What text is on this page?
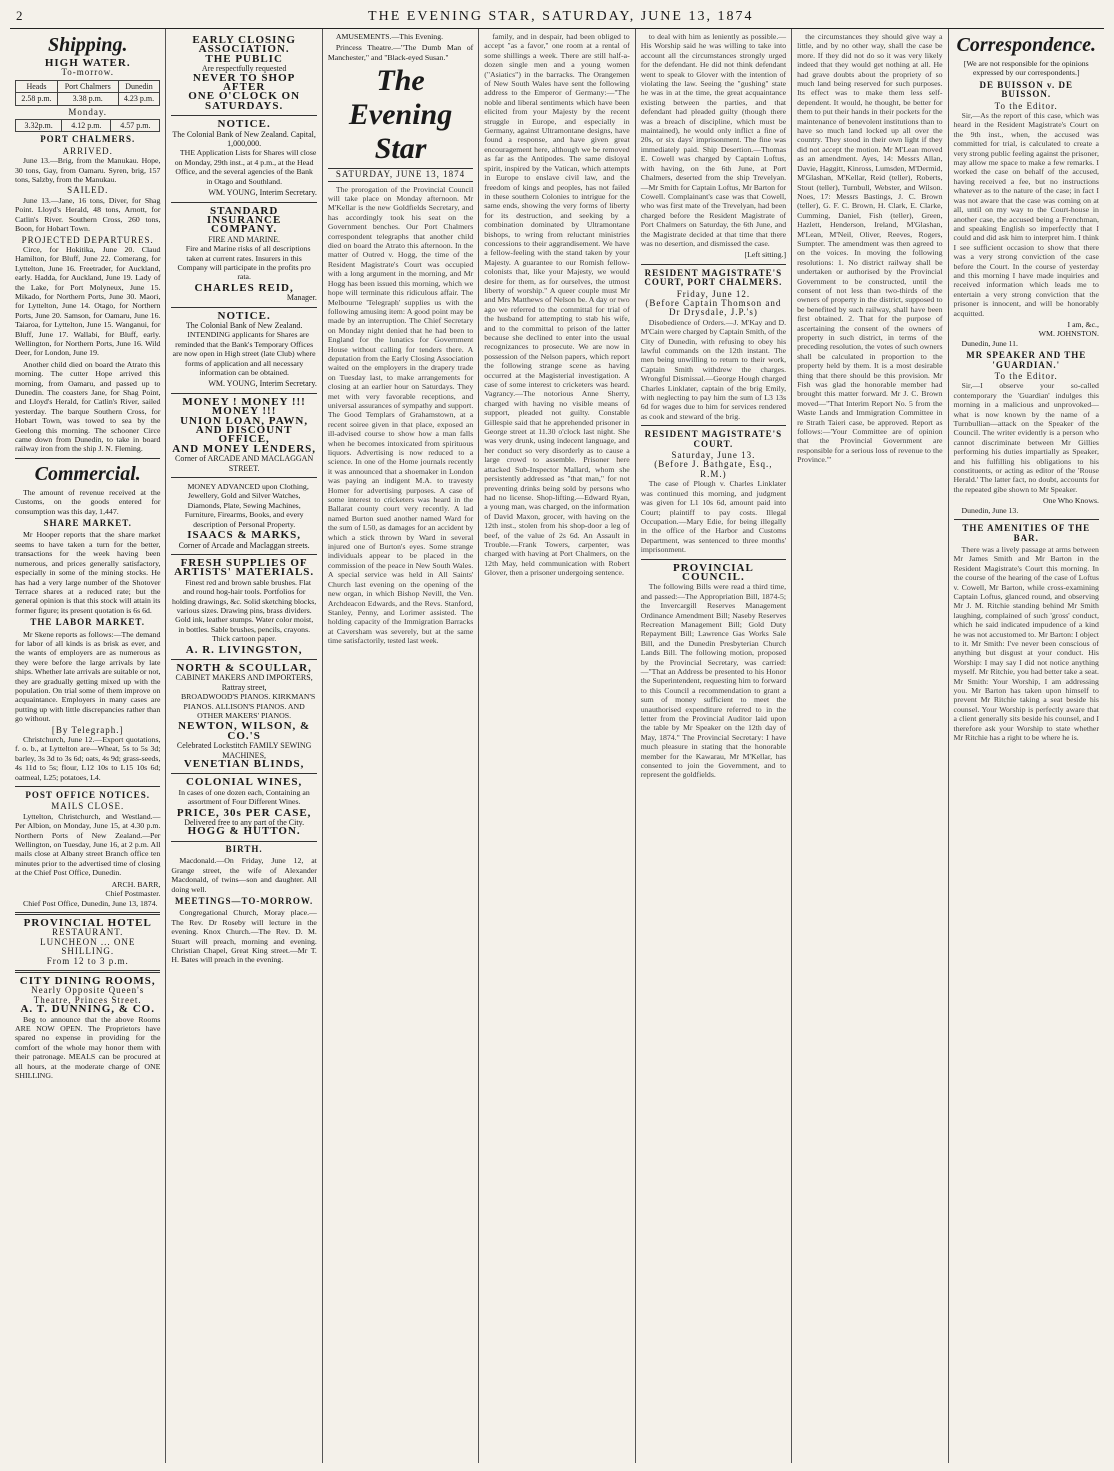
2	THE EVENING STAR, SATURDAY, JUNE 13, 1874
Shipping.
HIGH WATER.
To-morrow.
Heads	Port Chalmers	Dunedin
2.58 p.m.	3.38 p.m.	4.23 p.m.
Monday.
3.32p.m.	4.12 p.m.	4.57 p.m.
PORT CHALMERS.
ARRIVED.

June 13.—Brig, from the Manukau. Hope, 30 tons, Gay, from Oamaru. Syren, brig, 157 tons, Salzby, from the Manukau.

SAILED.

June 13.—Jane, 16 tons, Diver, for Shag Point. Lloyd's Herald, 48 tons, Arnott, for Catlin's River. Southern Cross, 260 tons, Boon, for Hobart Town.

PROJECTED DEPARTURES.

Circe, for Hokitika, June 20. Claud Hamilton, for Bluff, June 22. Comerang, for Lyttelton, June 16. Freetrader, for Auckland, early. Hadda, for Auckland, June 19. Lady of the Lake, for Port Molyneux, June 15. Mikado, for Northern Ports, June 30. Maori, for Lyttelton, June 14. Otago, for Northern Ports, June 20. Samson, for Oamaru, June 16. Taiaroa, for Lyttelton, June 15. Wanganui, for Bluff, June 17. Wallabi, for Bluff, early. Wellington, for Northern Ports, June 16. Wild Deer, for London, June 19.

Another child died on board the Atrato this morning. The cutter Hope arrived this morning, from Oamaru, and passed up to Dunedin. The coasters Jane, for Shag Point, and Lloyd's Herald, for Catlin's River, sailed yesterday. The barque Southern Cross, for Hobart Town, was towed to sea by the Geelong this morning. The schooner Circe came down from Dunedin, to take in board railway iron from the ship J. N. Fleming.

Commercial.

The amount of revenue received at the Customs, on the goods entered for consumption was this day, 1,447.

SHARE MARKET.

Mr Hooper reports that the share market seems to have taken a turn for the better, transactions for the week having been numerous, and prices generally satisfactory, especially in some of the mining stocks. He has had a very large number of the Shotover Terrace shares at a reduced rate; but the general opinion is that this stock will attain its former figure; its present quotation is 6s 6d.

THE LABOR MARKET.

Mr Skene reports as follows:—The demand for labor of all kinds is as brisk as ever, and the wants of employers are as numerous as they were before the large arrivals by late ships. Whether late arrivals are suitable or not, they are gradually getting mixed up with the population. On trial some of them improve on acquaintance. Employers in many cases are putting up with little discrepancies rather than go without.

[By Telegraph.]

Christchurch, June 12.—Export quotations, f. o. b., at Lyttelton are—Wheat, 5s to 5s 3d; barley, 3s 3d to 3s 6d; oats, 4s 9d; grass-seeds, 4s 11d to 5s; flour, L12 10s to L15 10s 6d; oatmeal, L25; potatoes, L4.

POST OFFICE NOTICES.
MAILS CLOSE.

Lyttelton, Christchurch, and Westland.—Per Albion, on Monday, June 15, at 4.30 p.m. Northern Ports of New Zealand.—Per Wellington, on Tuesday, June 16, at 2 p.m. All mails close at Albany street Branch office ten minutes prior to the advertised time of closing at the Chief Post Office, Dunedin.

ARCH. BARR,
Chief Postmaster.

Chief Post Office, Dunedin, June 13, 1874.

PROVINCIAL HOTEL
RESTAURANT.
LUNCHEON ... ONE SHILLING.
From 12 to 3 p.m.
CITY DINING ROOMS,
Nearly Opposite Queen's Theatre, Princes Street.
A. T. DUNNING, & CO.

Beg to announce that the above Rooms ARE NOW OPEN. The Proprietors have spared no expense in providing for the comfort of the whole may honor them with their patronage. MEALS can be procured at all hours, at the moderate charge of ONE SHILLING.

EARLY CLOSING ASSOCIATION.
THE PUBLIC
Are respectfully requested
NEVER TO SHOP AFTER
ONE O'CLOCK ON SATURDAYS.
NOTICE.
The Colonial Bank of New Zealand. Capital, 1,000,000.

THE Application Lists for Shares will close on Monday, 29th inst., at 4 p.m., at the Head Office, and the several agencies of the Bank in Otago and Southland.

WM. YOUNG, Interim Secretary.
STANDARD INSURANCE
COMPANY.
FIRE AND MARINE.

Fire and Marine risks of all descriptions taken at current rates. Insurers in this Company will participate in the profits pro rata.

CHARLES REID,
Manager.
NOTICE.
The Colonial Bank of New Zealand.

INTENDING applicants for Shares are reminded that the Bank's Temporary Offices are now open in High street (late Club) where forms of application and all necessary information can be obtained.

WM. YOUNG, Interim Secretary.
MONEY ! MONEY !!! MONEY !!!
UNION LOAN, PAWN, AND DISCOUNT OFFICE,
AND MONEY LENDERS,
Corner of ARCADE AND MACLAGGAN STREET.

MONEY ADVANCED upon Clothing, Jewellery, Gold and Silver Watches, Diamonds, Plate, Sewing Machines, Furniture, Firearms, Books, and every description of Personal Property.

ISAACS & MARKS,
Corner of Arcade and Maclaggan streets.
FRESH SUPPLIES OF ARTISTS' MATERIALS.

Finest red and brown sable brushes. Flat and round hog-hair tools. Portfolios for holding drawings, &c. Solid sketching blocks, various sizes. Drawing pins, brass dividers. Gold ink, leather stumps. Water color moist, in bottles. Sable brushes, pencils, crayons. Thick cartoon paper.

A. R. LIVINGSTON,
NORTH & SCOULLAR,
CABINET MAKERS AND IMPORTERS,
Rattray street,

BROADWOOD'S PIANOS. KIRKMAN'S PIANOS. ALLISON'S PIANOS. AND OTHER MAKERS' PIANOS.

NEWTON, WILSON, & CO.'S
Celebrated Lockstitch FAMILY SEWING MACHINES,
VENETIAN BLINDS,
COLONIAL WINES,

In cases of one dozen each, Containing an assortment of Four Different Wines.

PRICE, 30s PER CASE,
Delivered free to any part of the City.
HOGG & HUTTON.
BIRTH.

Macdonald.—On Friday, June 12, at Grange street, the wife of Alexander Macdonald, of twins—son and daughter. All doing well.

MEETINGS—TO-MORROW.

Congregational Church, Moray place.—The Rev. Dr Roseby will lecture in the evening. Knox Church.—The Rev. D. M. Stuart will preach, morning and evening. Christian Chapel, Great King street.—Mr T. H. Bates will preach in the evening.

AMUSEMENTS.—This Evening.

Princess Theatre.—"The Dumb Man of Manchester," and "Black-eyed Susan."

The Evening Star
SATURDAY, JUNE 13, 1874

The prorogation of the Provincial Council will take place on Monday afternoon. Mr M'Kellar is the new Goldfields Secretary, and has accordingly took his seat on the Government benches. Our Port Chalmers correspondent telegraphs that another child died on board the Atrato this afternoon. In the matter of Outred v. Hogg, the time of the Resident Magistrate's Court was occupied with a long argument in the morning, and Mr Hogg has been issued this morning, which we hope will terminate this ridiculous affair. The Melbourne 'Telegraph' supplies us with the following amusing item: A good point may be made by an interruption. The Chief Secretary on Monday night denied that he had been to England for the lunatics for Government House without calling for tenders there. A deputation from the Early Closing Association waited on the employers in the drapery trade on Tuesday last, to make arrangements for closing at an earlier hour on Saturdays. They met with very favorable receptions, and universal assurances of sympathy and support. The Good Templars of Grahamstown, at a recent soiree given in that place, exposed an ill-advised course to show how a man falls when he becomes intoxicated from spirituous liquors. Advertising is now reduced to a science. In one of the Home journals recently it was announced that a shoemaker in London was paying an indigent M.A. to travesty Homer for advertising purposes. A case of some interest to cricketers was heard in the Ballarat county court very recently. A lad named Burton sued another named Ward for the sum of L50, as damages for an accident by which a stick thrown by Ward in several injured one of Burton's eyes. Some strange individuals appear to be placed in the commission of the peace in New South Wales. A special service was held in All Saints' Church last evening on the opening of the new organ, in which Bishop Nevill, the Ven. Archdeacon Edwards, and the Revs. Stanford, Stanley, Penny, and Lorimer assisted. The holding capacity of the Immigration Barracks at Caversham was severely, but at the same time satisfactorily, tested last week.

family, and in despair, had been obliged to accept "as a favor," one room at a rental of some shillings a week. There are still half-a-dozen single men and a young women ("Asiatics") in the barracks. The Orangemen of New South Wales have sent the following address to the Emperor of Germany:—"The noble and liberal sentiments which have been elicited from your Majesty by the recent struggle in Europe, and especially in Germany, against Ultramontane designs, have found a response, and have given great encouragement here, although we be removed as far as the Antipodes. The same disloyal spirit, inspired by the Vatican, which attempts in Europe to enslave civil law, and the freedom of kings and peoples, has not failed in these southern Colonies to intrigue for the same ends, showing the very forms of liberty for its destruction, and seeking by a combination dominated by Ultramontane bishops, to wring from reluctant ministries concessions to their aggrandisement. We have a fellow-feeling with the stand taken by your Majesty. A guarantee to our Romish fellow-colonists that, like your Majesty, we would desire for them, as for ourselves, the utmost liberty of worship." A queer couple must Mr and Mrs Matthews of Nelson be. A day or two ago we referred to the committal for trial of the husband for attempting to stab his wife, and to the committal to prison of the latter because she declined to enter into the usual recognizances to prosecute. We are now in possession of the Nelson papers, which report the following strange scene as having occurred at the Magisterial investigation. A case of some interest to cricketers was heard. Vagrancy.—The notorious Anne Sherry, charged with having no visible means of support, pleaded not guilty. Constable Gillespie said that he apprehended prisoner in George street at 11.30 o'clock last night. She was very drunk, using indecent language, and her conduct so very disorderly as to cause a large crowd to assemble. Prisoner here attacked Sub-Inspector Mallard, whom she persistently addressed as "that man," for not preventing drinks being sold by persons who had no license. Shop-lifting.—Edward Ryan, a young man, was charged, on the information of David Maxon, grocer, with having on the 12th inst., stolen from his shop-door a leg of beef, of the value of 2s 6d. An Assault in Trouble.—Frank Towers, carpenter, was charged with having at Port Chalmers, on the 12th May, held communication with Robert Glover, then a prisoner undergoing sentence.

to deal with him as leniently as possible.—His Worship said he was willing to take into account all the circumstances strongly urged for the defendant. He did not think defendant went to speak to Glover with the intention of violating the law. Seeing the "gushing" state he was in at the time, the great acquaintance existing between the parties, and that defendant had pleaded guilty (though there was a breach of discipline, which must be maintained), he would only inflict a fine of 20s, or six days' imprisonment. The fine was immediately paid. Ship Desertion.—Thomas E. Cowell was charged by Captain Loftus, with having, on the 6th June, at Port Chalmers, deserted from the ship Trevelyan.—Mr Smith for Captain Loftus, Mr Barton for Cowell. Complainant's case was that Cowell, who was first mate of the Trevelyan, had been charged before the Resident Magistrate of Port Chalmers on Saturday, the 6th June, and the Magistrate decided at that time that there was no desertion, and dismissed the case.

[Left sitting.]
RESIDENT MAGISTRATE'S COURT, PORT CHALMERS.
Friday, June 12.
(Before Captain Thomson and Dr Drysdale, J.P.'s)

Disobedience of Orders.—J. M'Kay and D. M'Cain were charged by Captain Smith, of the City of Dunedin, with refusing to obey his lawful commands on the 12th instant. The men being unwilling to return to their work, Captain Smith withdrew the charges. Wrongful Dismissal.—George Hough charged Charles Linklater, captain of the brig Emily, with neglecting to pay him the sum of L3 13s 6d for wages due to him for services rendered as cook and steward of the brig.

RESIDENT MAGISTRATE'S COURT.
Saturday, June 13.
(Before J. Bathgate, Esq., R.M.)

The case of Plough v. Charles Linklater was continued this morning, and judgment was given for L1 10s 6d, amount paid into Court; plaintiff to pay costs. Illegal Occupation.—Mary Edie, for being illegally in the office of the Harbor and Customs Department, was sentenced to three months' imprisonment.

PROVINCIAL COUNCIL.

The following Bills were read a third time, and passed:—The Appropriation Bill, 1874-5; the Invercargill Reserves Management Ordinance Amendment Bill; Naseby Reserves Recreation Management Bill; Gold Duty Repayment Bill; Lawrence Gas Works Sale Bill, and the Dunedin Presbyterian Church Lands Bill. The following motion, proposed by the Provincial Secretary, was carried:—"That an Address be presented to his Honor the Superintendent, requesting him to forward to this Council a recommendation to grant a sum of money sufficient to meet the unauthorised expenditure referred to in the letter from the Provincial Auditor laid upon the table by Mr Speaker on the 12th day of May, 1874." The Provincial Secretary: I have much pleasure in stating that the honorable member for the Kawarau, Mr M'Kellar, has consented to join the Government, and to represent the goldfields.

the circumstances they should give way a little, and by no other way, shall the case be more. If they did not do so it was very likely indeed that they would get nothing at all. He had grave doubts about the propriety of so much land being reserved for such purposes. Its effect was to make them less self-dependent. It would, he thought, be better for them to put their hands in their pockets for the maintenance of benevolent institutions than to have so much land locked up all over the country. They stood in their own light if they did not accept the motion. Mr M'Lean moved as an amendment. Ayes, 14: Messrs Allan, Davie, Haggitt, Kinross, Lumsden, M'Dermid, M'Glashan, M'Kellar, Reid (teller), Roberts, Stout (teller), Turnbull, Webster, and Wilson. Noes, 17: Messrs Bastings, J. C. Brown (teller), G. F. C. Brown, H. Clark, E. Clarke, Cumming, Daniel, Fish (teller), Green, Hazlett, Henderson, Ireland, M'Glashan, M'Lean, M'Neil, Oliver, Reeves, Rogers, Sumpter. The amendment was then agreed to on the voices. In moving the following resolutions: 1. No district railway shall be undertaken or authorised by the Provincial Government to be constructed, until the consent of not less than two-thirds of the owners of property in the district, supposed to be benefited by such railway, shall have been first obtained. 2. That for the purpose of ascertaining the consent of the owners of property in such district, in terms of the preceding resolution, the votes of such owners shall be calculated in proportion to the property held by them. It is a most desirable thing that there should be this provision. Mr Fish was glad the honorable member had brought this matter forward. Mr J. C. Brown moved—"That Interim Report No. 5 from the Waste Lands and Immigration Committee in re Strath Taieri case, be approved. Report as follows:—'Your Committee are of opinion that the Provincial Government are responsible for a serious loss of revenue to the Province.'"

Correspondence.

[We are not responsible for the opinions expressed by our correspondents.]

DE BUISSON v. DE BUISSON.
To the Editor.

Sir,—As the report of this case, which was heard in the Resident Magistrate's Court on the 9th inst., when, the accused was committed for trial, is calculated to create a very strong public feeling against the prisoner, may allow me space to make a few remarks. I worked the case on behalf of the accused, having received a fee, but no instructions whatever as to the nature of the case; in fact I was not aware that the case was coming on at all, until on my way to the Court-house in another case, the accused being a Frenchman, and speaking English so imperfectly that I could and did ask him to interpret him. I think I see sufficient occasion to show that there was a very strong conviction of the case before the Court. In the course of yesterday and this morning I have made inquiries and received information which leads me to entertain a very strong conviction that the prisoner is innocent, and will be honorably acquitted.

I am, &c.,
WM. JOHNSTON.

Dunedin, June 11.

MR SPEAKER AND THE 'GUARDIAN.'
To the Editor.

Sir,—I observe your so-called contemporary the 'Guardian' indulges this morning in a malicious and unprovoked—what is now known by the name of a Turnbullian—attack on the Speaker of the Council. The writer evidently is a person who cannot discriminate between Mr Gillies performing his duties impartially as Speaker, and his fulfilling his obligations to his constituents, or acting as editor of the 'Rouse Herald.' The latter fact, no doubt, accounts for the repeated gibe shown to Mr Speaker.

One Who Knows.

Dunedin, June 13.

THE AMENITIES OF THE BAR.

There was a lively passage at arms between Mr James Smith and Mr Barton in the Resident Magistrate's Court this morning. In the course of the hearing of the case of Loftus v. Cowell, Mr Barton, while cross-examining Captain Loftus, glanced round, and observing Mr J. M. Ritchie standing behind Mr Smith laughing, complained of such 'gross' conduct, which he said indicated impudence of a kind he was not accustomed to. Mr Barton: I object to it. Mr Smith: I've never been conscious of anything but disgust at your conduct. His Worship: I may say I did not notice anything myself. Mr Ritchie, you had better take a seat. Mr Smith: Your Worship, I am addressing you. Mr Barton has taken upon himself to prevent Mr Ritchie taking a seat beside his counsel. Your Worship is perfectly aware that a client generally sits beside his counsel, and I therefore ask your Worship to state whether Mr Ritchie has a right to be where he is.
